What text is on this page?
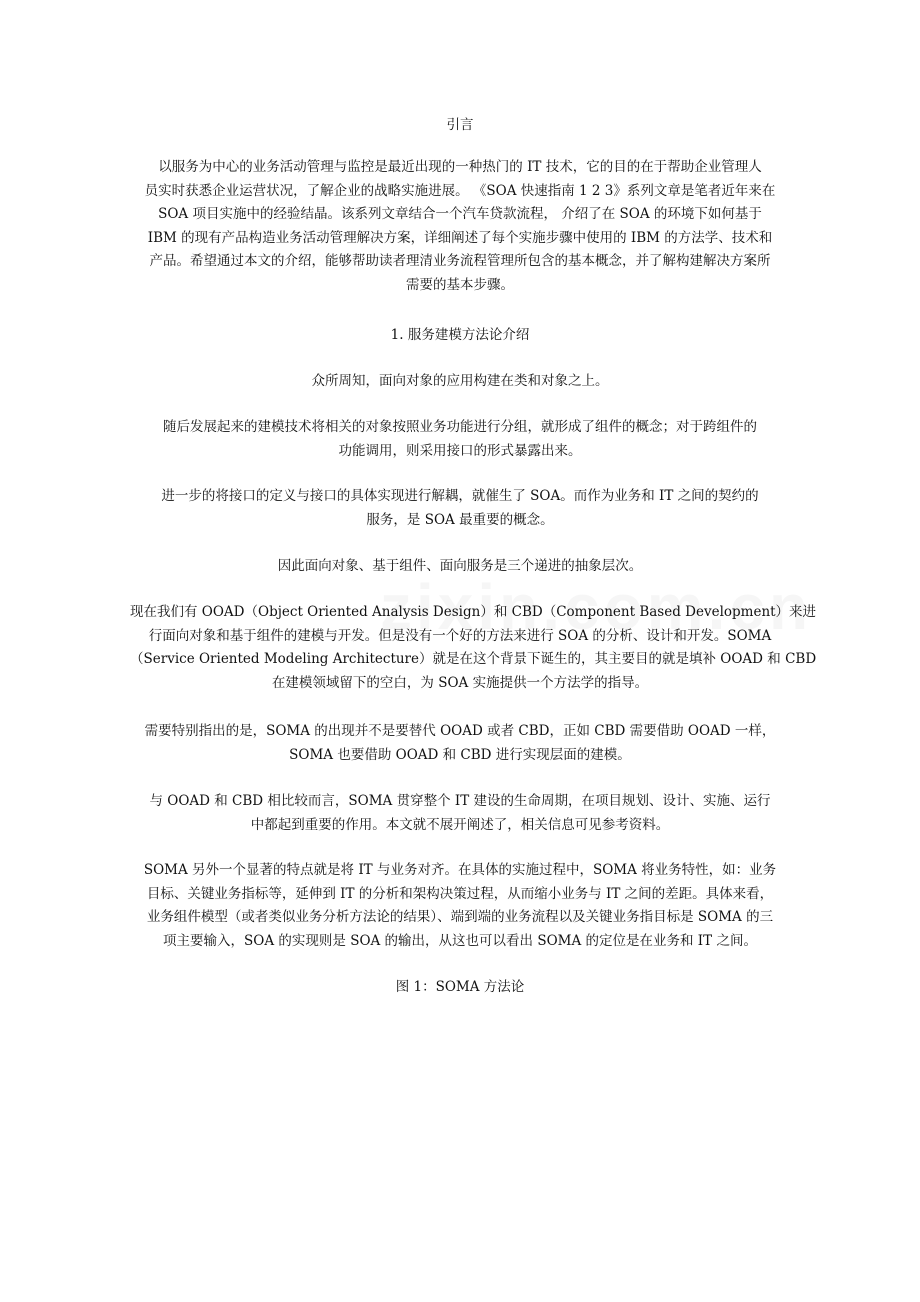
引言
以服务为中心的业务活动管理与监控是最近出现的一种热门的 IT 技术，它的目的在于帮助企业管理人
员实时获悉企业运营状况，了解企业的战略实施进展。 《SOA 快速指南 1 2 3》系列文章是笔者近年来在
SOA 项目实施中的经验结晶。该系列文章结合一个汽车贷款流程， 介绍了在 SOA 的环境下如何基于
IBM 的现有产品构造业务活动管理解决方案，详细阐述了每个实施步骤中使用的 IBM 的方法学、技术和
产品。希望通过本文的介绍，能够帮助读者理清业务流程管理所包含的基本概念，并了解构建解决方案所
需要的基本步骤。
1. 服务建模方法论介绍
众所周知，面向对象的应用构建在类和对象之上。
随后发展起来的建模技术将相关的对象按照业务功能进行分组，就形成了组件的概念；对于跨组件的
功能调用，则采用接口的形式暴露出来。
进一步的将接口的定义与接口的具体实现进行解耦，就催生了 SOA。而作为业务和 IT 之间的契约的
服务，是 SOA 最重要的概念。
因此面向对象、基于组件、面向服务是三个递进的抽象层次。
现在我们有 OOAD（Object Oriented Analysis Design）和 CBD（Component Based Development）来进
行面向对象和基于组件的建模与开发。但是没有一个好的方法来进行 SOA 的分析、设计和开发。SOMA
（Service Oriented Modeling Architecture）就是在这个背景下诞生的，其主要目的就是填补 OOAD 和 CBD
在建模领域留下的空白，为 SOA 实施提供一个方法学的指导。
需要特别指出的是，SOMA 的出现并不是要替代 OOAD 或者 CBD，正如 CBD 需要借助 OOAD 一样，
SOMA 也要借助 OOAD 和 CBD 进行实现层面的建模。
与 OOAD 和 CBD 相比较而言，SOMA 贯穿整个 IT 建设的生命周期，在项目规划、设计、实施、运行
中都起到重要的作用。本文就不展开阐述了，相关信息可见参考资料。
SOMA 另外一个显著的特点就是将 IT 与业务对齐。在具体的实施过程中，SOMA 将业务特性，如：业务
目标、关键业务指标等，延伸到 IT 的分析和架构决策过程，从而缩小业务与 IT 之间的差距。具体来看，
业务组件模型（或者类似业务分析方法论的结果）、端到端的业务流程以及关键业务指目标是 SOMA 的三
项主要输入，SOA 的实现则是 SOA 的输出，从这也可以看出 SOMA 的定位是在业务和 IT 之间。
图 1：SOMA 方法论
